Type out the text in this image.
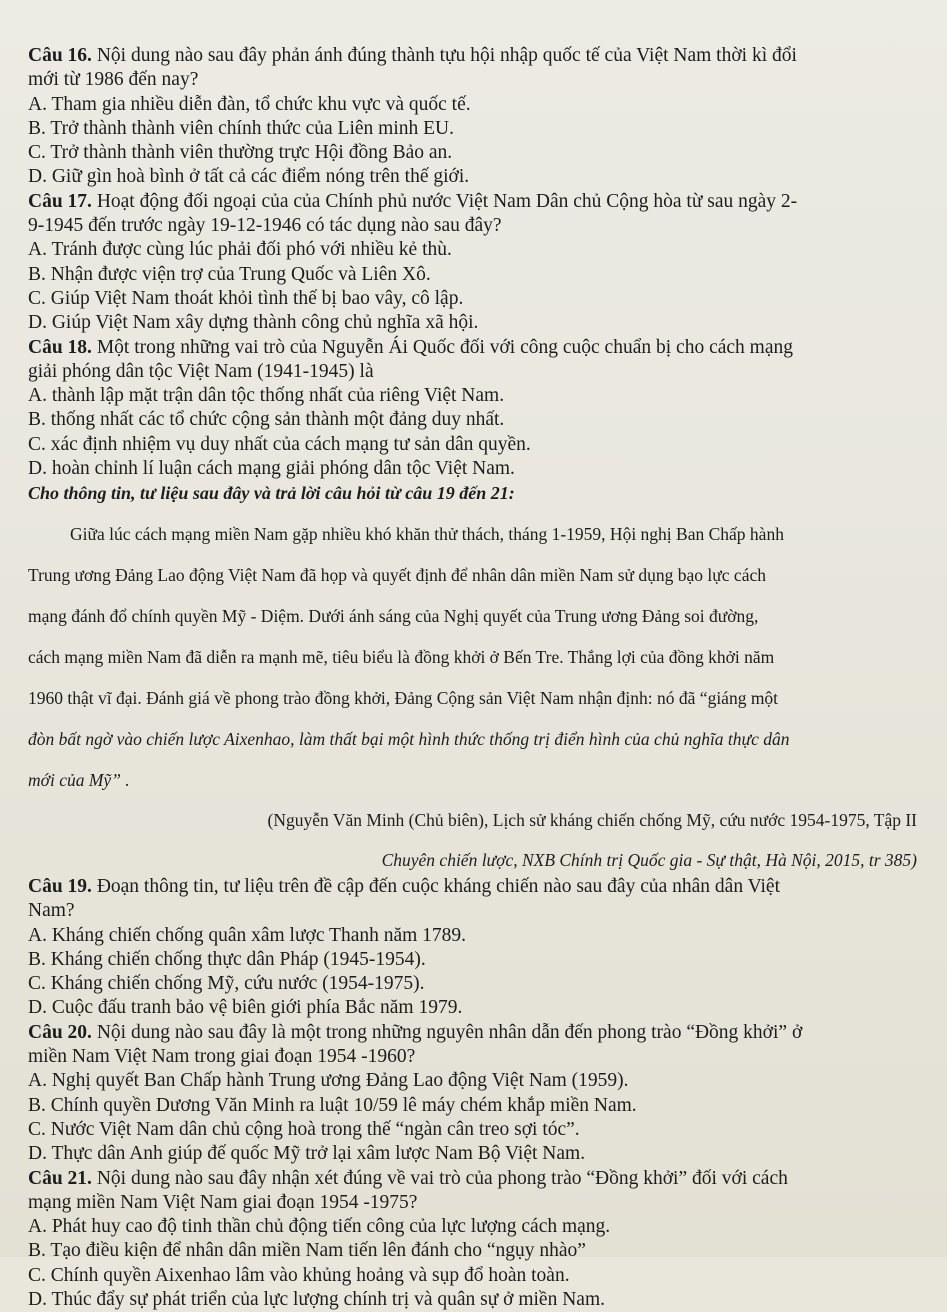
Câu 16. Nội dung nào sau đây phản ánh đúng thành tựu hội nhập quốc tế của Việt Nam thời kì đổi

mới từ 1986 đến nay?

A. Tham gia nhiều diễn đàn, tổ chức khu vực và quốc tế.

B. Trở thành thành viên chính thức của Liên minh EU.

C. Trở thành thành viên thường trực Hội đồng Bảo an.

D. Giữ gìn hoà bình ở tất cả các điểm nóng trên thế giới.

Câu 17. Hoạt động đối ngoại của của Chính phủ nước Việt Nam Dân chủ Cộng hòa từ sau ngày 2-

9-1945 đến trước ngày 19-12-1946 có tác dụng nào sau đây?

A. Tránh được cùng lúc phải đối phó với nhiều kẻ thù.

B. Nhận được viện trợ của Trung Quốc và Liên Xô.

C. Giúp Việt Nam thoát khỏi tình thế bị bao vây, cô lập.

D. Giúp Việt Nam xây dựng thành công chủ nghĩa xã hội.

Câu 18. Một trong những vai trò của Nguyễn Ái Quốc đối với công cuộc chuẩn bị cho cách mạng

giải phóng dân tộc Việt Nam (1941-1945) là

A. thành lập mặt trận dân tộc thống nhất của riêng Việt Nam.

B. thống nhất các tổ chức cộng sản thành một đảng duy nhất.

C. xác định nhiệm vụ duy nhất của cách mạng tư sản dân quyền.

D. hoàn chỉnh lí luận cách mạng giải phóng dân tộc Việt Nam.

Cho thông tin, tư liệu sau đây và trả lời câu hỏi từ câu 19 đến 21:

Giữa lúc cách mạng miền Nam gặp nhiều khó khăn thử thách, tháng 1-1959, Hội nghị Ban Chấp hành

Trung ương Đảng Lao động Việt Nam đã họp và quyết định để nhân dân miền Nam sử dụng bạo lực cách

mạng đánh đổ chính quyền Mỹ - Diệm. Dưới ánh sáng của Nghị quyết của Trung ương Đảng soi đường,

cách mạng miền Nam đã diễn ra mạnh mẽ, tiêu biểu là đồng khởi ở Bến Tre. Thắng lợi của đồng khởi năm

1960 thật vĩ đại. Đánh giá về phong trào đồng khởi, Đảng Cộng sản Việt Nam nhận định: nó đã “giáng một

đòn bất ngờ vào chiến lược Aixenhao, làm thất bại một hình thức thống trị điển hình của chủ nghĩa thực dân

mới của Mỹ” .

(Nguyễn Văn Minh (Chủ biên), Lịch sử kháng chiến chống Mỹ, cứu nước 1954-1975, Tập II

Chuyên chiến lược, NXB Chính trị Quốc gia - Sự thật, Hà Nội, 2015, tr 385)

Câu 19. Đoạn thông tin, tư liệu trên đề cập đến cuộc kháng chiến nào sau đây của nhân dân Việt

Nam?

A. Kháng chiến chống quân xâm lược Thanh năm 1789.

B. Kháng chiến chống thực dân Pháp (1945-1954).

C. Kháng chiến chống Mỹ, cứu nước (1954-1975).

D. Cuộc đấu tranh bảo vệ biên giới phía Bắc năm 1979.

Câu 20. Nội dung nào sau đây là một trong những nguyên nhân dẫn đến phong trào “Đồng khởi” ở

miền Nam Việt Nam trong giai đoạn 1954 -1960?

A. Nghị quyết Ban Chấp hành Trung ương Đảng Lao động Việt Nam (1959).

B. Chính quyền Dương Văn Minh ra luật 10/59 lê máy chém khắp miền Nam.

C. Nước Việt Nam dân chủ cộng hoà trong thế “ngàn cân treo sợi tóc”.

D. Thực dân Anh giúp đế quốc Mỹ trở lại xâm lược Nam Bộ Việt Nam.

Câu 21. Nội dung nào sau đây nhận xét đúng về vai trò của phong trào “Đồng khởi” đối với cách

mạng miền Nam Việt Nam giai đoạn 1954 -1975?

A. Phát huy cao độ tinh thần chủ động tiến công của lực lượng cách mạng.

B. Tạo điều kiện để nhân dân miền Nam tiến lên đánh cho “ngụy nhào”

C. Chính quyền Aixenhao lâm vào khủng hoảng và sụp đổ hoàn toàn.

D. Thúc đẩy sự phát triển của lực lượng chính trị và quân sự ở miền Nam.
